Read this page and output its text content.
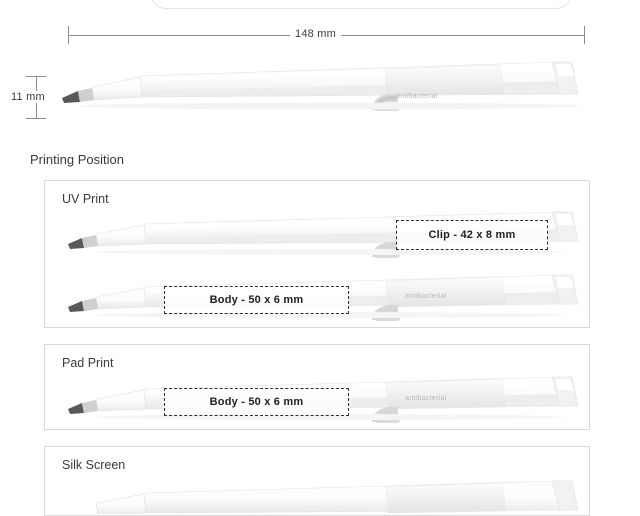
148 mm
11 mm	antibacterial
Printing Position
UV Print
Clip - 42 x 8 mm
antibacterial
Body - 50 x 6 mm
Pad Print
antibacterial
Body - 50 x 6 mm
Silk Screen
